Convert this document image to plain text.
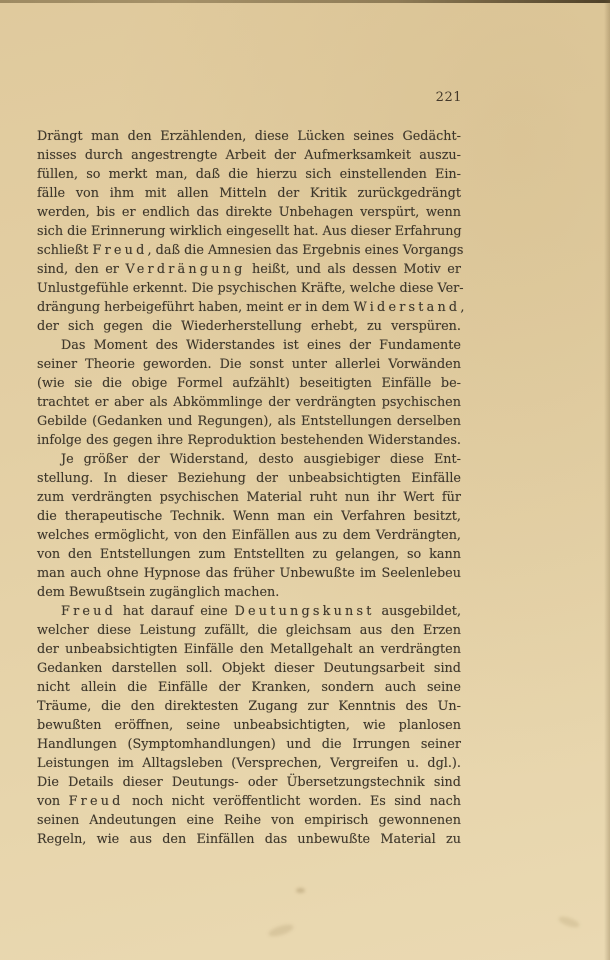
221
Drängt man den Erzählenden, diese Lücken seines Gedächt-
nisses durch angestrengte Arbeit der Aufmerksamkeit auszu-
füllen, so merkt man, daß die hierzu sich einstellenden Ein-
fälle von ihm mit allen Mitteln der Kritik zurückgedrängt
werden, bis er endlich das direkte Unbehagen verspürt, wenn
sich die Erinnerung wirklich eingesellt hat. Aus dieser Erfahrung
schließt Freud, daß die Amnesien das Ergebnis eines Vorgangs
sind, den er Verdrängung heißt, und als dessen Motiv er
Unlustgefühle erkennt. Die psychischen Kräfte, welche diese Ver-
drängung herbeigeführt haben, meint er in dem Widerstand,
der sich gegen die Wiederherstellung erhebt, zu verspüren.
Das Moment des Widerstandes ist eines der Fundamente
seiner Theorie geworden. Die sonst unter allerlei Vorwänden
(wie sie die obige Formel aufzählt) beseitigten Einfälle be-
trachtet er aber als Abkömmlinge der verdrängten psychischen
Gebilde (Gedanken und Regungen), als Entstellungen derselben
infolge des gegen ihre Reproduktion bestehenden Widerstandes.
Je größer der Widerstand, desto ausgiebiger diese Ent-
stellung. In dieser Beziehung der unbeabsichtigten Einfälle
zum verdrängten psychischen Material ruht nun ihr Wert für
die therapeutische Technik. Wenn man ein Verfahren besitzt,
welches ermöglicht, von den Einfällen aus zu dem Verdrängten,
von den Entstellungen zum Entstellten zu gelangen, so kann
man auch ohne Hypnose das früher Unbewußte im Seelenlebeu
dem Bewußtsein zugänglich machen.
Freud hat darauf eine Deutungskunst ausgebildet,
welcher diese Leistung zufällt, die gleichsam aus den Erzen
der unbeabsichtigten Einfälle den Metallgehalt an verdrängten
Gedanken darstellen soll. Objekt dieser Deutungsarbeit sind
nicht allein die Einfälle der Kranken, sondern auch seine
Träume, die den direktesten Zugang zur Kenntnis des Un-
bewußten eröffnen, seine unbeabsichtigten, wie planlosen
Handlungen (Symptomhandlungen) und die Irrungen seiner
Leistungen im Alltagsleben (Versprechen, Vergreifen u. dgl.).
Die Details dieser Deutungs- oder Übersetzungstechnik sind
von Freud noch nicht veröffentlicht worden. Es sind nach
seinen Andeutungen eine Reihe von empirisch gewonnenen
Regeln, wie aus den Einfällen das unbewußte Material zu
